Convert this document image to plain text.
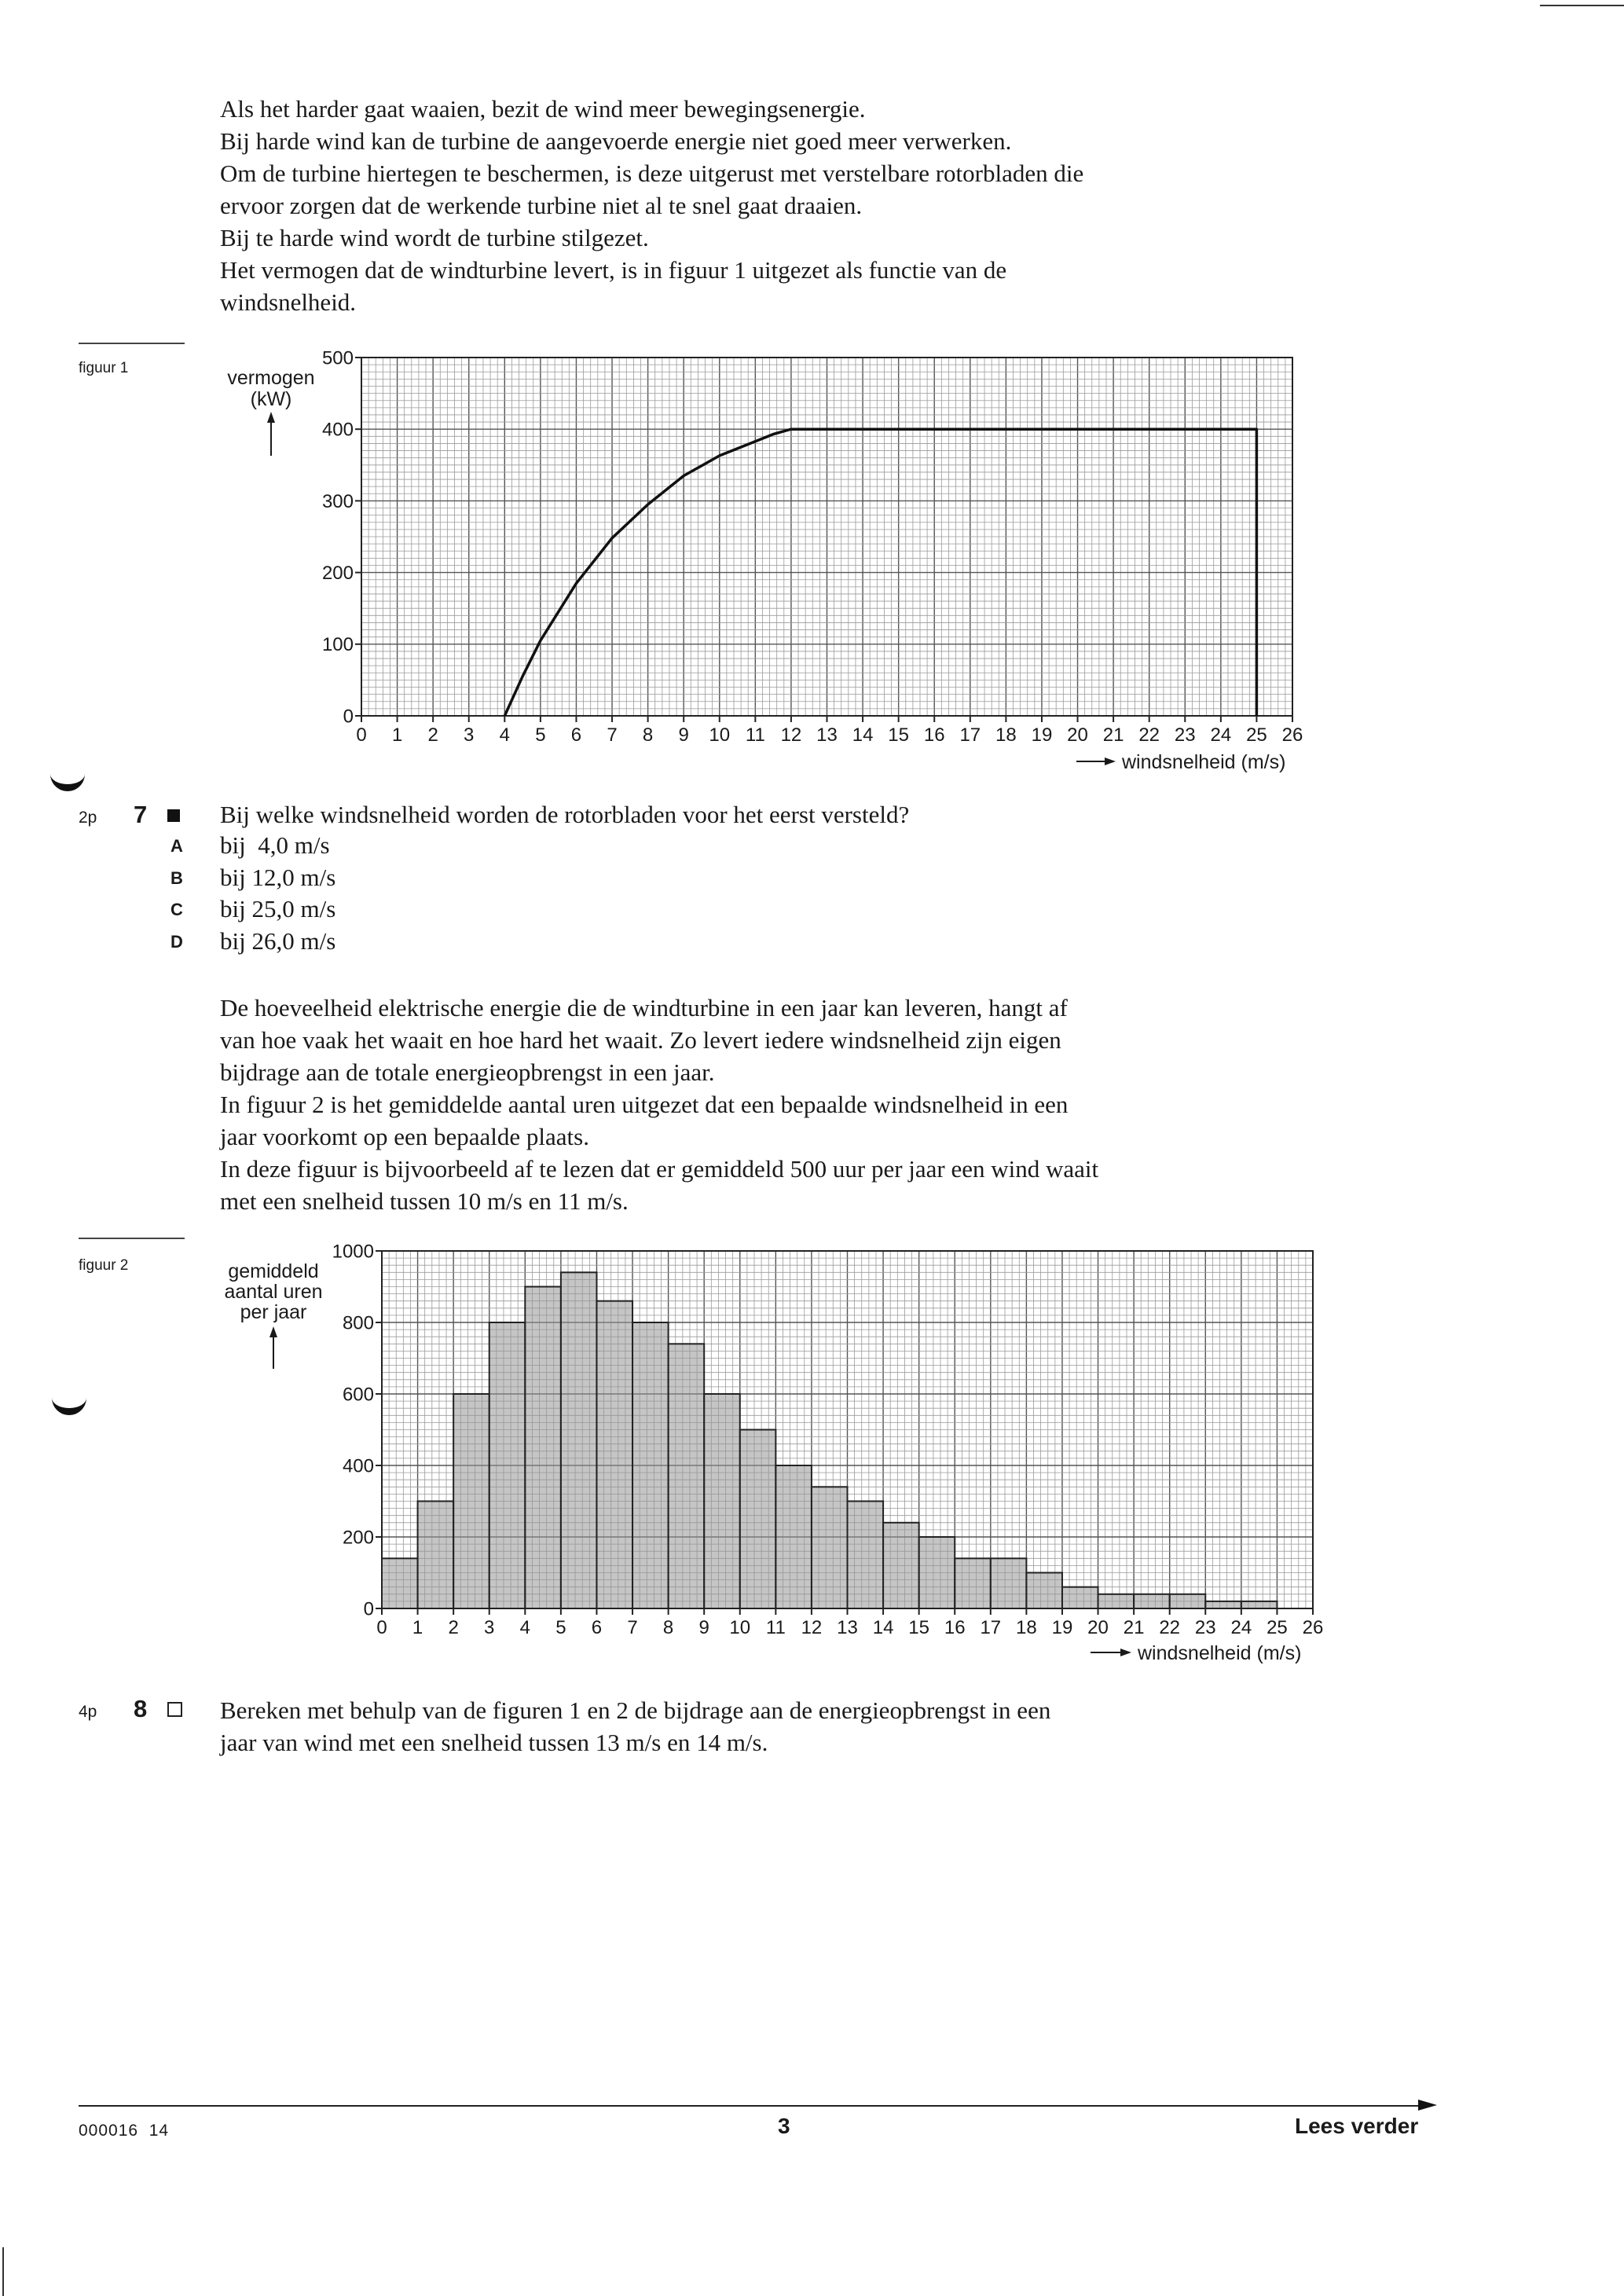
Als het harder gaat waaien, bezit de wind meer bewegingsenergie.
Bij harde wind kan de turbine de aangevoerde energie niet goed meer verwerken.
Om de turbine hiertegen te beschermen, is deze uitgerust met verstelbare rotorbladen die
ervoor zorgen dat de werkende turbine niet al te snel gaat draaien.
Bij te harde wind wordt de turbine stilgezet.
Het vermogen dat de windturbine levert, is in figuur 1 uitgezet als functie van de
windsnelheid.
figuur 1
0 1 2 3 4 5 6 7 8 9 10 11 12 13 14 15 16 17 18 19 20 21 22 23 24 25 26
0
100
200
300
400
500
vermogen
(kW)
windsnelheid (m/s)
2p 7	Bij welke windsnelheid worden de rotorbladen voor het eerst versteld?
A bij  4,0 m/s
B bij 12,0 m/s
C bij 25,0 m/s
D bij 26,0 m/s
De hoeveelheid elektrische energie die de windturbine in een jaar kan leveren, hangt af
van hoe vaak het waait en hoe hard het waait. Zo levert iedere windsnelheid zijn eigen
bijdrage aan de totale energieopbrengst in een jaar.
In figuur 2 is het gemiddelde aantal uren uitgezet dat een bepaalde windsnelheid in een
jaar voorkomt op een bepaalde plaats.
In deze figuur is bijvoorbeeld af te lezen dat er gemiddeld 500 uur per jaar een wind waait
met een snelheid tussen 10 m/s en 11 m/s.
figuur 2
0 1 2 3 4 5 6 7 8 9 10 11 12 13 14 15 16 17 18 19 20 21 22 23 24 25 26
0
200
400
600
800
1000
gemiddeld
aantal uren
per jaar
windsnelheid (m/s)
4p 8	Bereken met behulp van de figuren 1 en 2 de bijdrage aan de energieopbrengst in een
jaar van wind met een snelheid tussen 13 m/s en 14 m/s.
000016  14	3	Lees verder
